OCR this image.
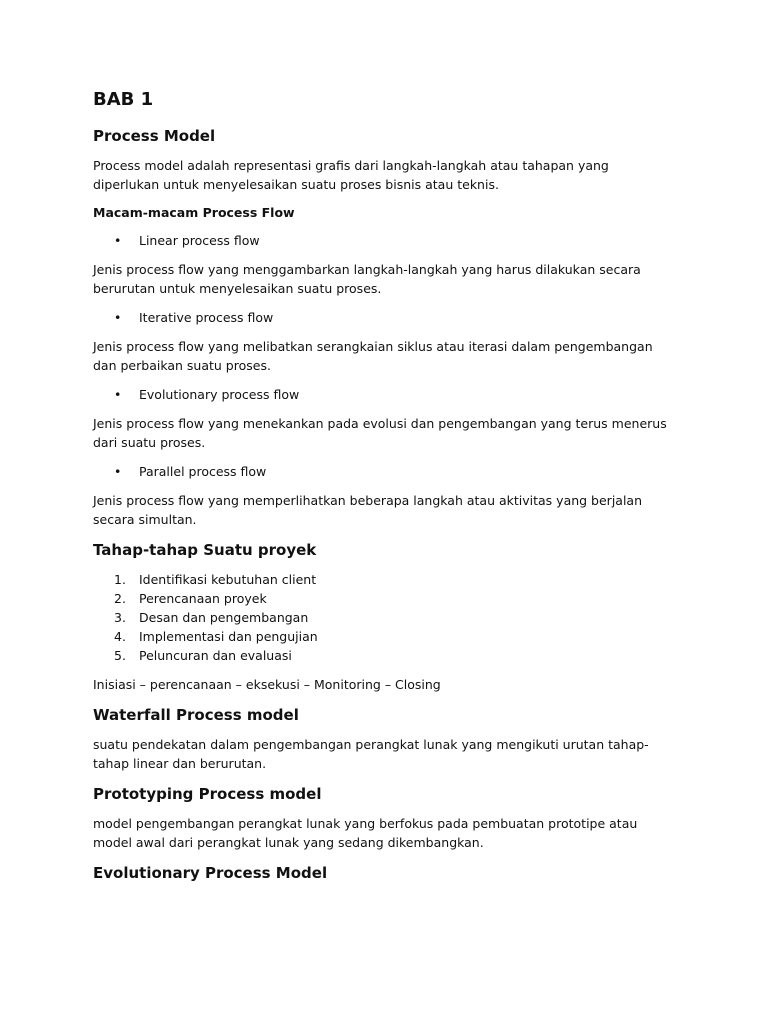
BAB 1
Process Model
Process model adalah representasi grafis dari langkah-langkah atau tahapan yang diperlukan untuk menyelesaikan suatu proses bisnis atau teknis.
Macam-macam Process Flow
• Linear process flow
Jenis process flow yang menggambarkan langkah-langkah yang harus dilakukan secara berurutan untuk menyelesaikan suatu proses.
• Iterative process flow
Jenis process flow yang melibatkan serangkaian siklus atau iterasi dalam pengembangan dan perbaikan suatu proses.
• Evolutionary process flow
Jenis process flow yang menekankan pada evolusi dan pengembangan yang terus menerus dari suatu proses.
• Parallel process flow
Jenis process flow yang memperlihatkan beberapa langkah atau aktivitas yang berjalan secara simultan.
Tahap-tahap Suatu proyek
1. Identifikasi kebutuhan client
2. Perencanaan proyek
3. Desan dan pengembangan
4. Implementasi dan pengujian
5. Peluncuran dan evaluasi
Inisiasi – perencanaan – eksekusi – Monitoring – Closing
Waterfall Process model
suatu pendekatan dalam pengembangan perangkat lunak yang mengikuti urutan tahap-tahap linear dan berurutan.
Prototyping Process model
model pengembangan perangkat lunak yang berfokus pada pembuatan prototipe atau model awal dari perangkat lunak yang sedang dikembangkan.
Evolutionary Process Model
